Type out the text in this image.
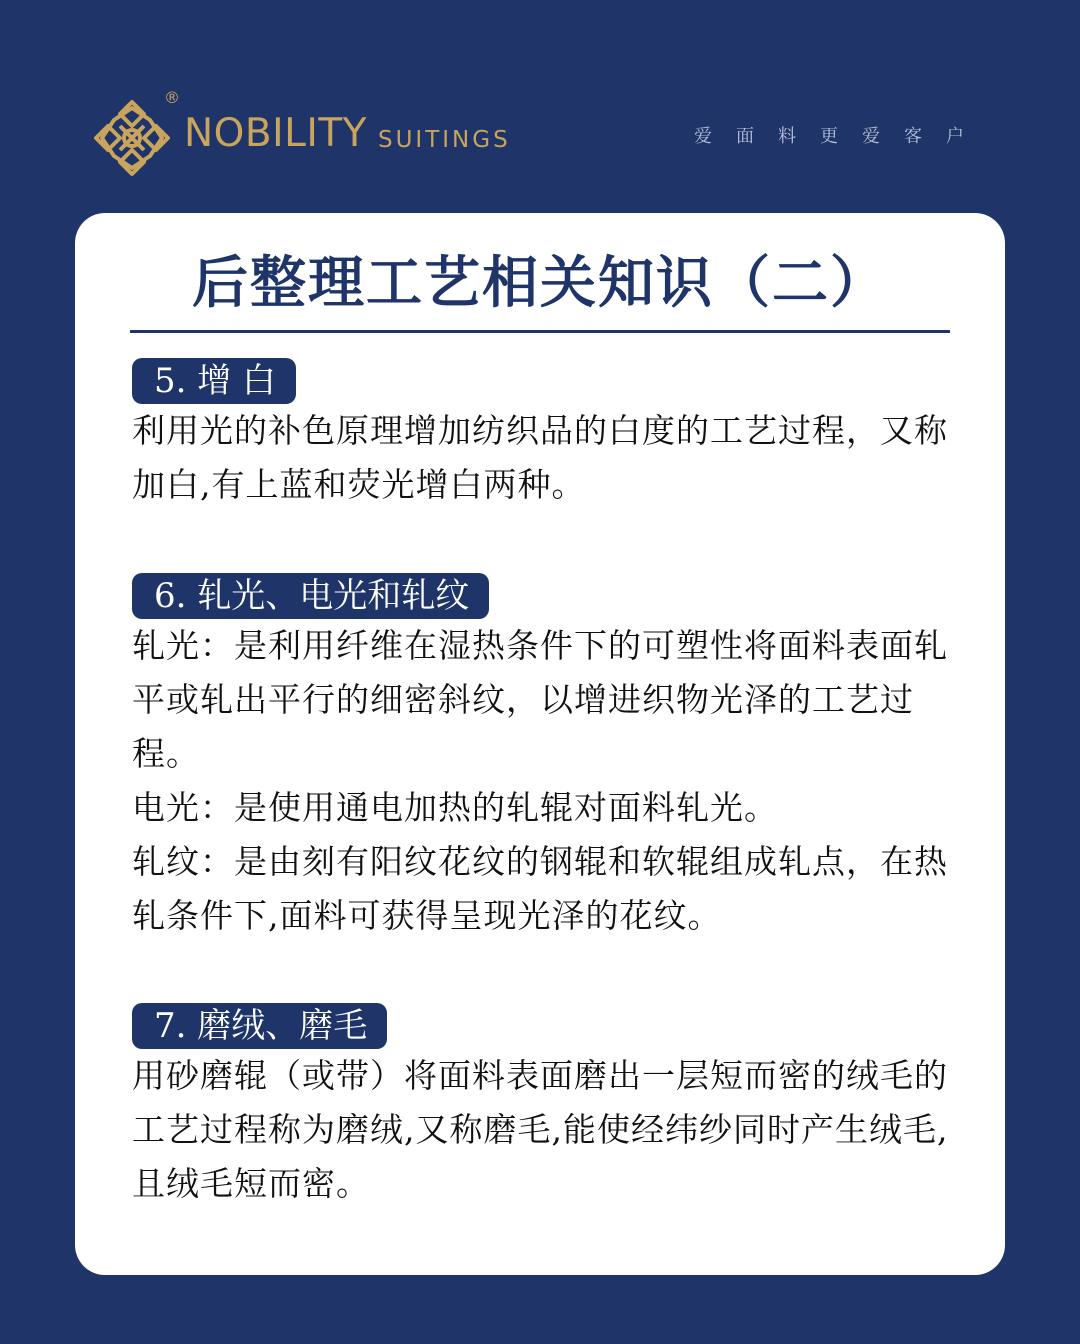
®
NOBILITY SUITINGS	爱面料更爱客户
后整理工艺相关知识（二）
5. 增 白

利用光的补色原理增加纺织品的白度的工艺过程，又称加白,有上蓝和荧光增白两种。

6. 轧光、电光和轧纹

轧光：是利用纤维在湿热条件下的可塑性将面料表面轧平或轧出平行的细密斜纹，以增进织物光泽的工艺过程。

电光：是使用通电加热的轧辊对面料轧光。

轧纹：是由刻有阳纹花纹的钢辊和软辊组成轧点，在热轧条件下,面料可获得呈现光泽的花纹。

7. 磨绒、磨毛

用砂磨辊（或带）将面料表面磨出一层短而密的绒毛的工艺过程称为磨绒,又称磨毛,能使经纬纱同时产生绒毛,且绒毛短而密。
